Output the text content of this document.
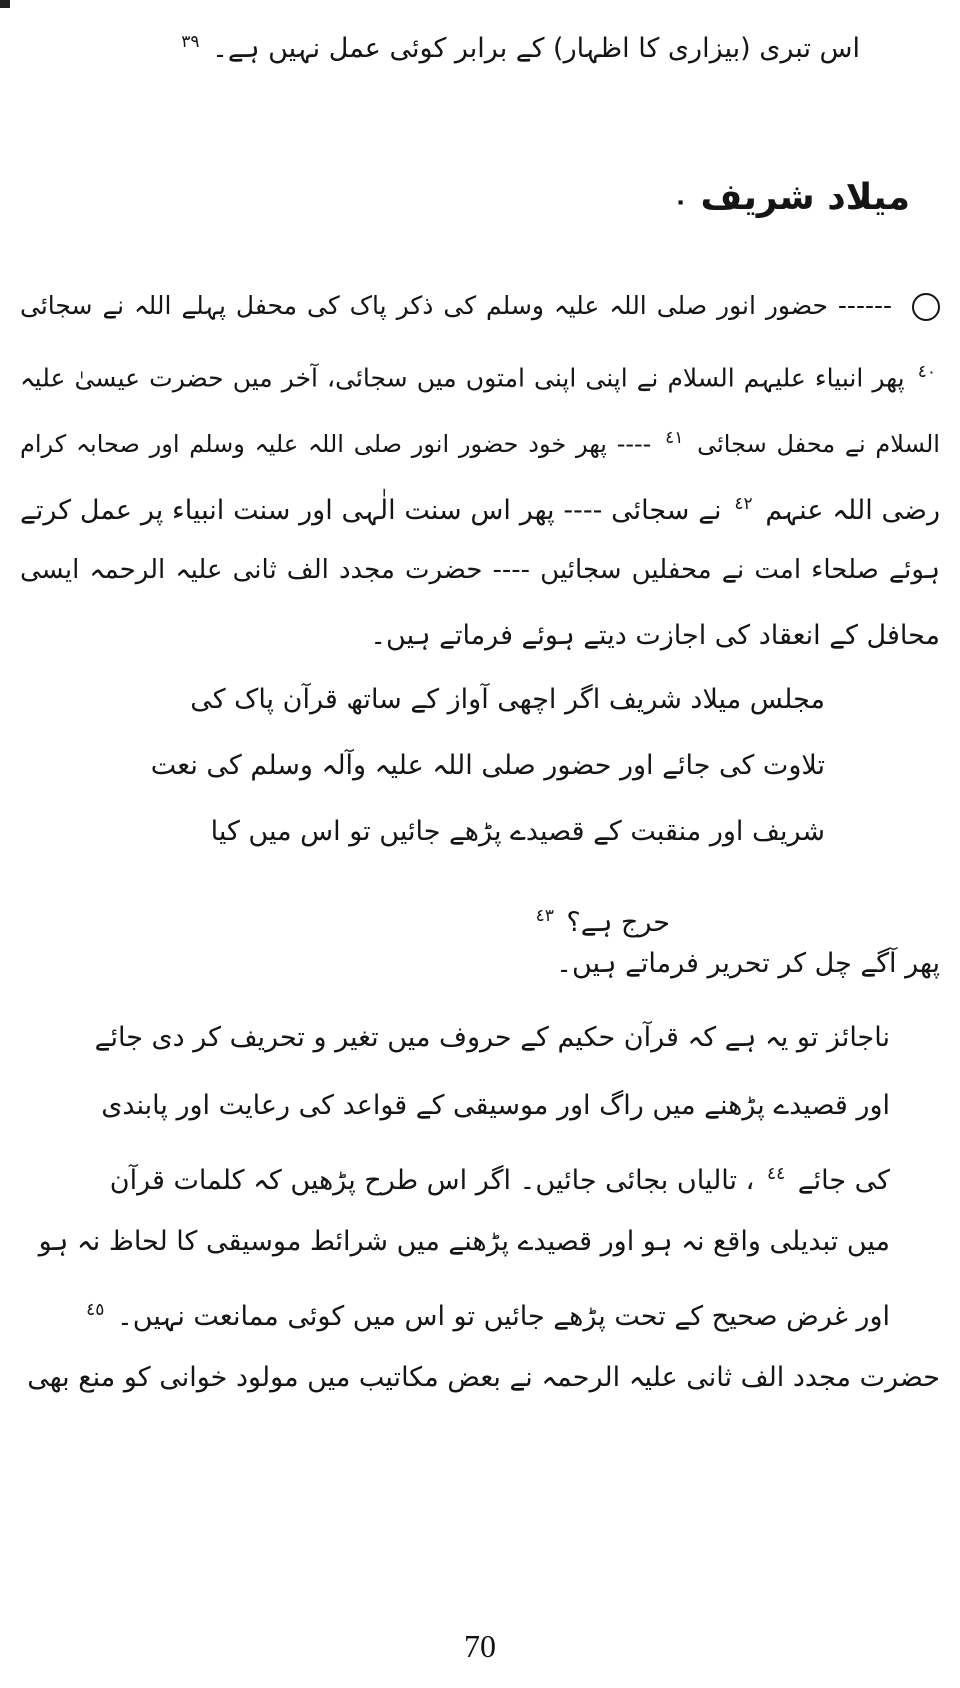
اس تبری (بیزاری کا اظہار) کے برابر کوئی عمل نہیں ہے۔ $^{٣٩}$
میلاد شریف ٠
------ حضور انور صلی اللہ علیہ وسلم کی ذکر پاک کی محفل پہلے اللہ نے سجائی
$^{٤٠}$ پھر انبیاء علیہم السلام نے اپنی اپنی امتوں میں سجائی، آخر میں حضرت عیسیٰ علیہ
السلام نے محفل سجائی $^{٤١}$ ---- پھر خود حضور انور صلی اللہ علیہ وسلم اور صحابہ کرام
رضی اللہ عنہم $^{٤٢}$ نے سجائی ---- پھر اس سنت الٰہی اور سنت انبیاء پر عمل کرتے
ہوئے صلحاء امت نے محفلیں سجائیں ---- حضرت مجدد الف ثانی علیہ الرحمہ ایسی
محافل کے انعقاد کی اجازت دیتے ہوئے فرماتے ہیں۔
مجلس میلاد شریف اگر اچھی آواز کے ساتھ قرآن پاک کی
تلاوت کی جائے اور حضور صلی اللہ علیہ وآلہ وسلم کی نعت
شریف اور منقبت کے قصیدے پڑھے جائیں تو اس میں کیا
حرج ہے؟ $^{٤٣}$
پھر آگے چل کر تحریر فرماتے ہیں۔
ناجائز تو یہ ہے کہ قرآن حکیم کے حروف میں تغیر و تحریف کر دی جائے
اور قصیدے پڑھنے میں راگ اور موسیقی کے قواعد کی رعایت اور پابندی
کی جائے $^{٤٤}$ ، تالیاں بجائی جائیں۔ اگر اس طرح پڑھیں کہ کلمات قرآن
میں تبدیلی واقع نہ ہو اور قصیدے پڑھنے میں شرائط موسیقی کا لحاظ نہ ہو
اور غرض صحیح کے تحت پڑھے جائیں تو اس میں کوئی ممانعت نہیں۔ $^{٤٥}$
حضرت مجدد الف ثانی علیہ الرحمہ نے بعض مکاتیب میں مولود خوانی کو منع بھی
70
